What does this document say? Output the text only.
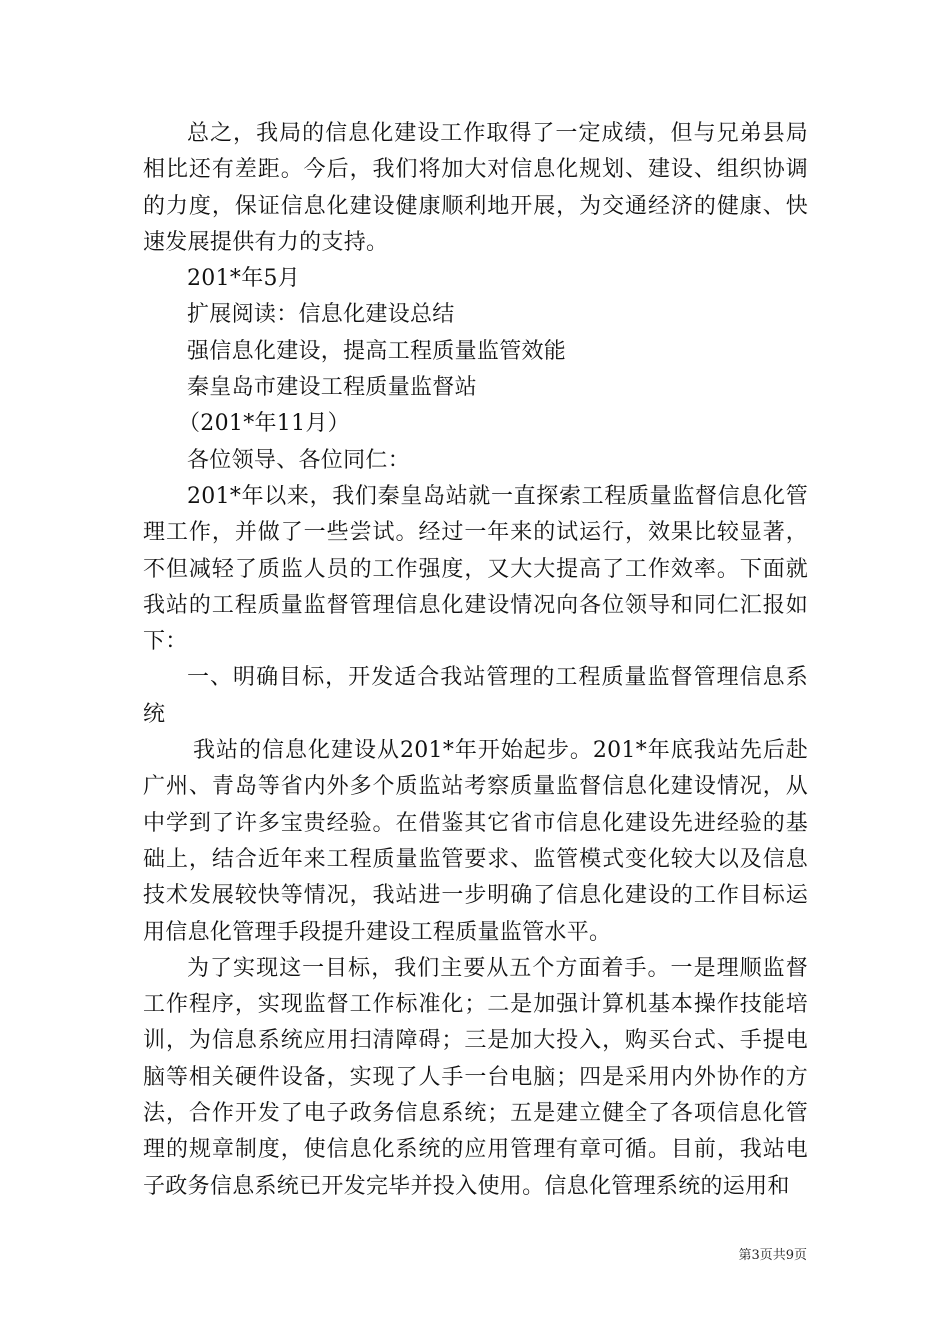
总之，我局的信息化建设工作取得了一定成绩，但与兄弟县局相比还有差距。今后，我们将加大对信息化规划、建设、组织协调的力度，保证信息化建设健康顺利地开展，为交通经济的健康、快速发展提供有力的支持。

201*年5月

扩展阅读：信息化建设总结

强信息化建设，提高工程质量监管效能

秦皇岛市建设工程质量监督站

（201*年11月）

各位领导、各位同仁：

201*年以来，我们秦皇岛站就一直探索工程质量监督信息化管理工作，并做了一些尝试。经过一年来的试运行，效果比较显著，不但减轻了质监人员的工作强度，又大大提高了工作效率。下面就我站的工程质量监督管理信息化建设情况向各位领导和同仁汇报如下：

一、明确目标，开发适合我站管理的工程质量监督管理信息系统

我站的信息化建设从201*年开始起步。201*年底我站先后赴广州、青岛等省内外多个质监站考察质量监督信息化建设情况，从中学到了许多宝贵经验。在借鉴其它省市信息化建设先进经验的基础上，结合近年来工程质量监管要求、监管模式变化较大以及信息技术发展较快等情况，我站进一步明确了信息化建设的工作目标运用信息化管理手段提升建设工程质量监管水平。

为了实现这一目标，我们主要从五个方面着手。一是理顺监督工作程序，实现监督工作标准化；二是加强计算机基本操作技能培训，为信息系统应用扫清障碍；三是加大投入，购买台式、手提电脑等相关硬件设备，实现了人手一台电脑；四是采用内外协作的方法，合作开发了电子政务信息系统；五是建立健全了各项信息化管理的规章制度，使信息化系统的应用管理有章可循。目前，我站电子政务信息系统已开发完毕并投入使用。信息化管理系统的运用和

第3页共9页
